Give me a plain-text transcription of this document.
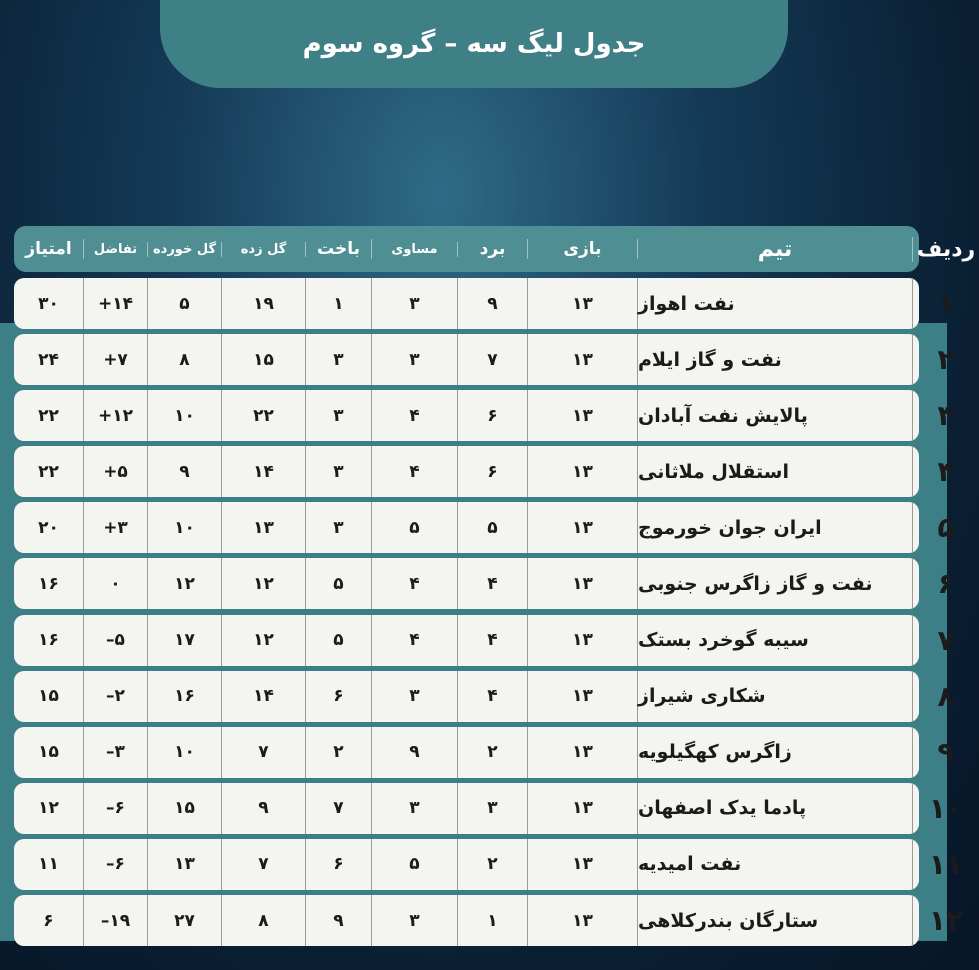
جدول لیگ سه – گروه سوم
امتیاز	تفاضل	گل خورده	گل زده	باخت	مساوی	برد	بازی	تیم	ردیف
۳۰	+۱۴	۵	۱۹	۱	۳	۹	۱۳	نفت اهواز	۱
۲۴	+۷	۸	۱۵	۳	۳	۷	۱۳	نفت و گاز ایلام	۲
۲۲	+۱۲	۱۰	۲۲	۳	۴	۶	۱۳	پالایش نفت آبادان	۳
۲۲	+۵	۹	۱۴	۳	۴	۶	۱۳	استقلال ملاثانی	۴
۲۰	+۳	۱۰	۱۳	۳	۵	۵	۱۳	ایران جوان خورموج	۵
۱۶	۰	۱۲	۱۲	۵	۴	۴	۱۳	نفت و گاز زاگرس جنوبی	۶
۱۶	–۵	۱۷	۱۲	۵	۴	۴	۱۳	سیبه گوخرد بستک	۷
۱۵	–۲	۱۶	۱۴	۶	۳	۴	۱۳	شکاری شیراز	۸
۱۵	–۳	۱۰	۷	۲	۹	۲	۱۳	زاگرس کهگیلویه	۹
۱۲	–۶	۱۵	۹	۷	۳	۳	۱۳	پادما یدک اصفهان	۱۰
۱۱	–۶	۱۳	۷	۶	۵	۲	۱۳	نفت امیدیه	۱۱
۶	–۱۹	۲۷	۸	۹	۳	۱	۱۳	ستارگان بندرکلاهی	۱۲
